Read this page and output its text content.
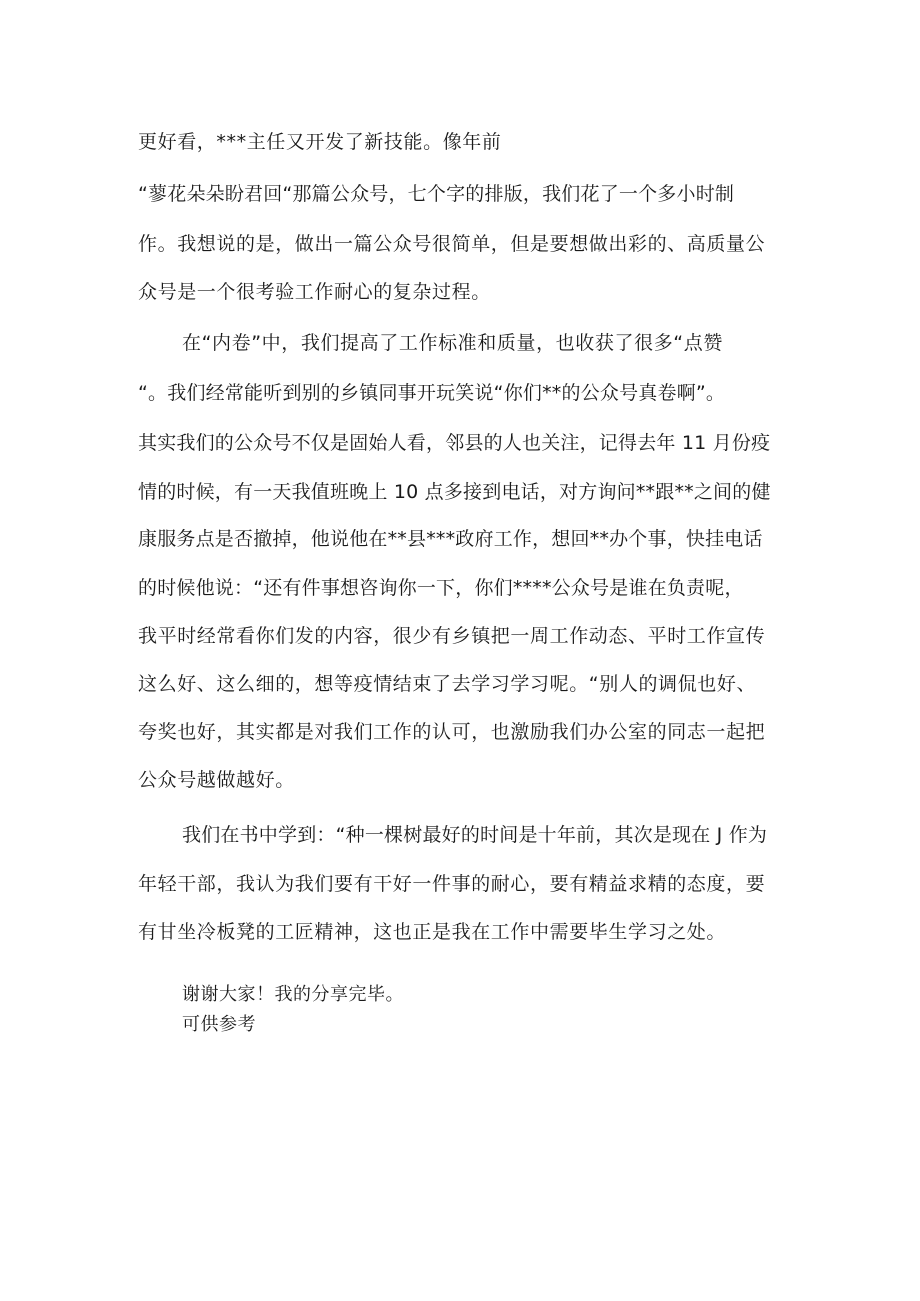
更好看，***主任又开发了新技能。像年前
“蓼花朵朵盼君回“那篇公众号，七个字的排版，我们花了一个多小时制
作。我想说的是，做出一篇公众号很简单，但是要想做出彩的、高质量公
众号是一个很考验工作耐心的复杂过程。
在“内卷”中，我们提高了工作标准和质量，也收获了很多“点赞
“。我们经常能听到别的乡镇同事开玩笑说“你们**的公众号真卷啊”。
其实我们的公众号不仅是固始人看，邻县的人也关注，记得去年 11 月份疫
情的时候，有一天我值班晚上 10 点多接到电话，对方询问**跟**之间的健
康服务点是否撤掉，他说他在**县***政府工作，想回**办个事，快挂电话
的时候他说：“还有件事想咨询你一下，你们****公众号是谁在负责呢，
我平时经常看你们发的内容，很少有乡镇把一周工作动态、平时工作宣传
这么好、这么细的，想等疫情结束了去学习学习呢。“别人的调侃也好、
夸奖也好，其实都是对我们工作的认可，也激励我们办公室的同志一起把
公众号越做越好。
我们在书中学到：“种一棵树最好的时间是十年前，其次是现在 J 作为
年轻干部，我认为我们要有干好一件事的耐心，要有精益求精的态度，要
有甘坐冷板凳的工匠精神，这也正是我在工作中需要毕生学习之处。
谢谢大家！我的分享完毕。
可供参考
